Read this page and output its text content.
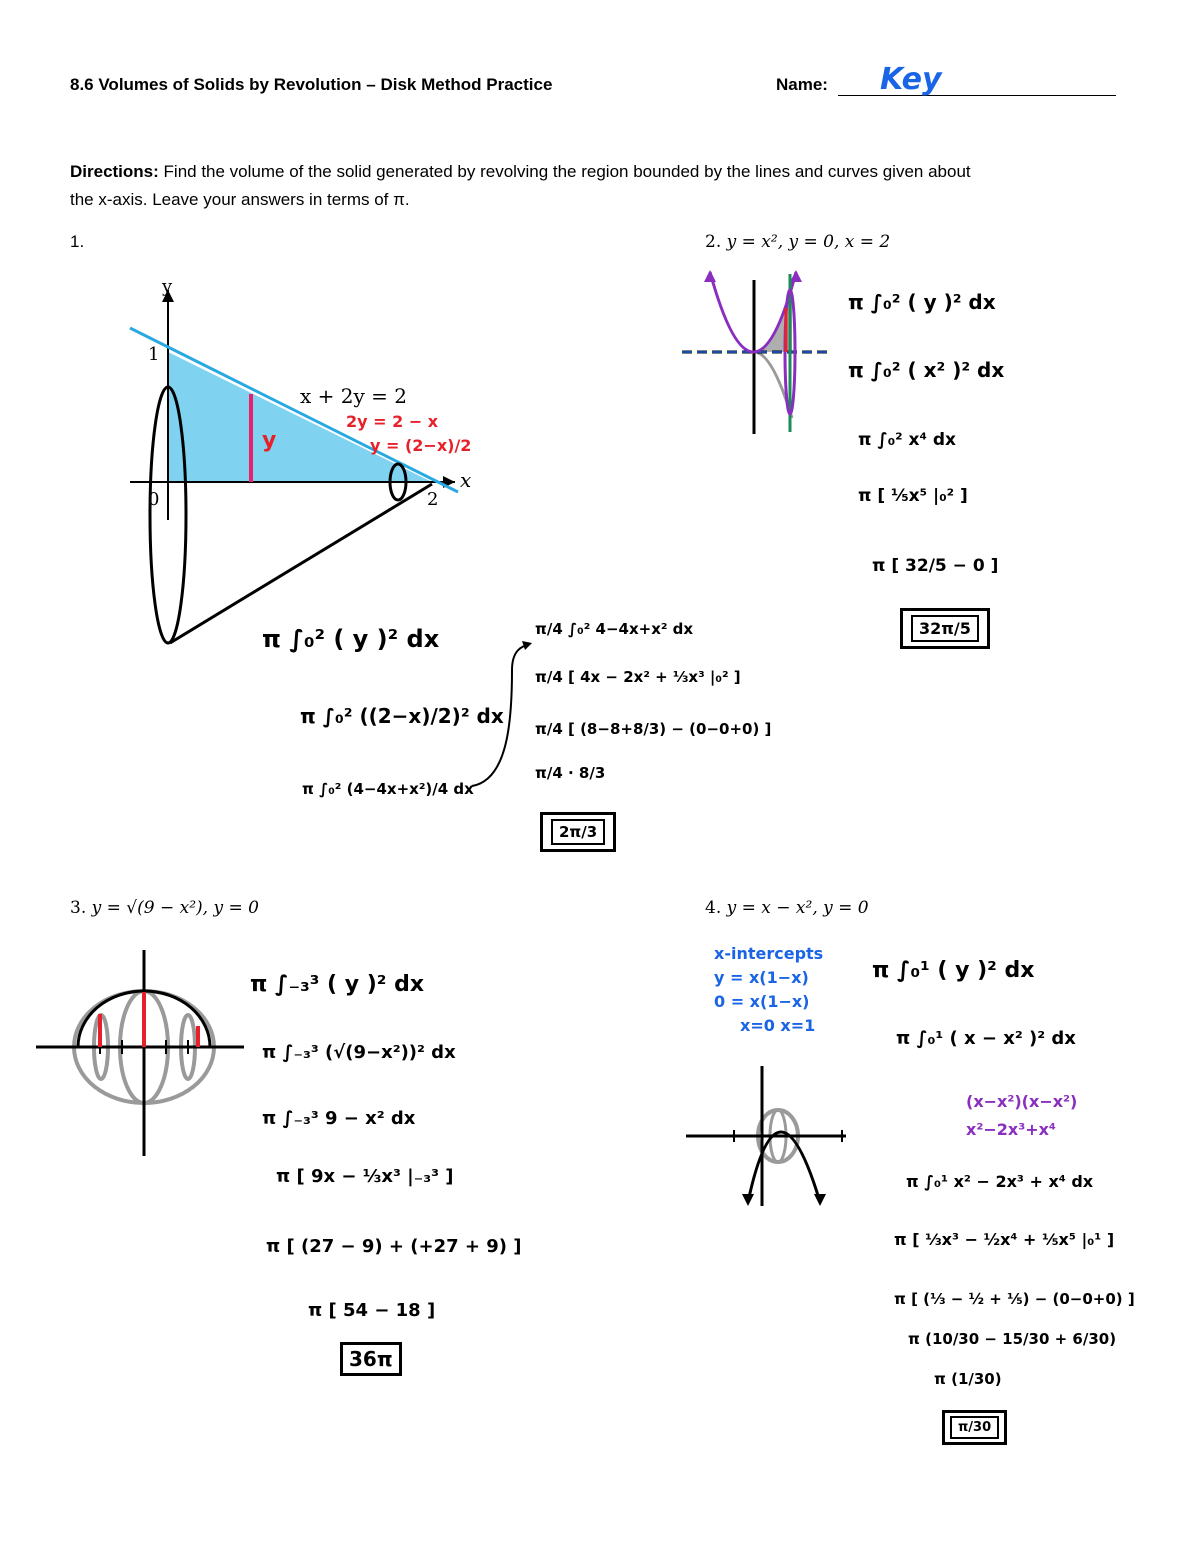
8.6 Volumes of Solids by Revolution – Disk Method Practice	Name: Key
Directions: Find the volume of the solid generated by revolving the region bounded by the lines and curves given about
the x-axis. Leave your answers in terms of π.
1.
y
x
1
0	2
x + 2y = 2
y
2y = 2 − x
y = (2−x)/2
π ∫₀² ( y )² dx
π ∫₀² ((2−x)/2)² dx
π ∫₀² (4−4x+x²)/4 dx
π/4 ∫₀² 4−4x+x² dx
π/4 [ 4x − 2x² + ⅓x³ |₀² ]
π/4 [ (8−8+8/3) − (0−0+0) ]
π/4 · 8/3
2π/3
2. y = x², y = 0, x = 2
π ∫₀² ( y )² dx
π ∫₀² ( x² )² dx
π ∫₀² x⁴ dx
π [ ⅕x⁵ |₀² ]
π [ 32/5 − 0 ]
32π/5
3. y = √(9 − x²), y = 0
π ∫₋₃³ ( y )² dx
π ∫₋₃³ (√(9−x²))² dx
π ∫₋₃³ 9 − x² dx
π [ 9x − ⅓x³ |₋₃³ ]
π [ (27 − 9) + (+27 + 9) ]
π [ 54 − 18 ]
36π
4. y = x − x², y = 0
x-intercepts
y = x(1−x)
0 = x(1−x)
x=0 x=1
π ∫₀¹ ( y )² dx
π ∫₀¹ ( x − x² )² dx
(x−x²)(x−x²)
x²−2x³+x⁴
π ∫₀¹ x² − 2x³ + x⁴ dx
π [ ⅓x³ − ½x⁴ + ⅕x⁵ |₀¹ ]
π [ (⅓ − ½ + ⅕) − (0−0+0) ]
π (10/30 − 15/30 + 6/30)
π (1/30)
π/30
